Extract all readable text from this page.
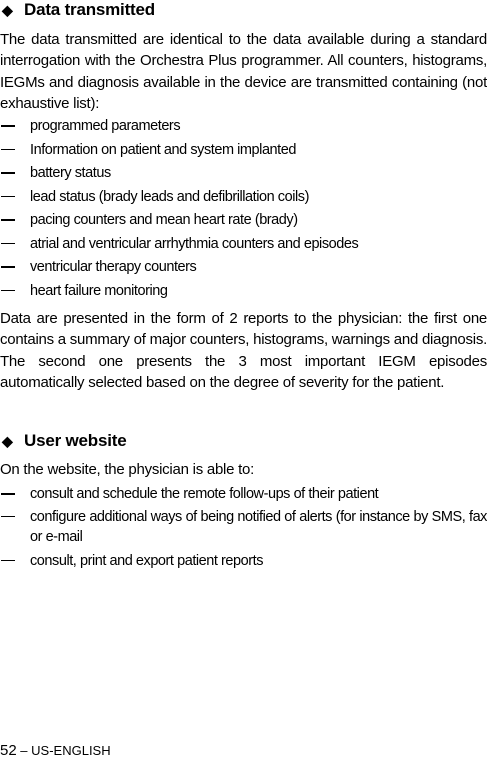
◆ Data transmitted
The data transmitted are identical to the data available during a standard interrogation with the Orchestra Plus programmer. All counters, histograms, IEGMs and diagnosis available in the device are transmitted containing (not exhaustive list):
programmed parameters
Information on patient and system implanted
battery status
lead status (brady leads and defibrillation coils)
pacing counters and mean heart rate (brady)
atrial and ventricular arrhythmia counters and episodes
ventricular therapy counters
heart failure monitoring
Data are presented in the form of 2 reports to the physician: the first one contains a summary of major counters, histograms, warnings and diagnosis. The second one presents the 3 most important IEGM episodes automatically selected based on the degree of severity for the patient.
◆ User website
On the website, the physician is able to:
consult and schedule the remote follow-ups of their patient
configure additional ways of being notified of alerts (for instance by SMS, fax or e-mail
consult, print and export patient reports
52 – US-ENGLISH
